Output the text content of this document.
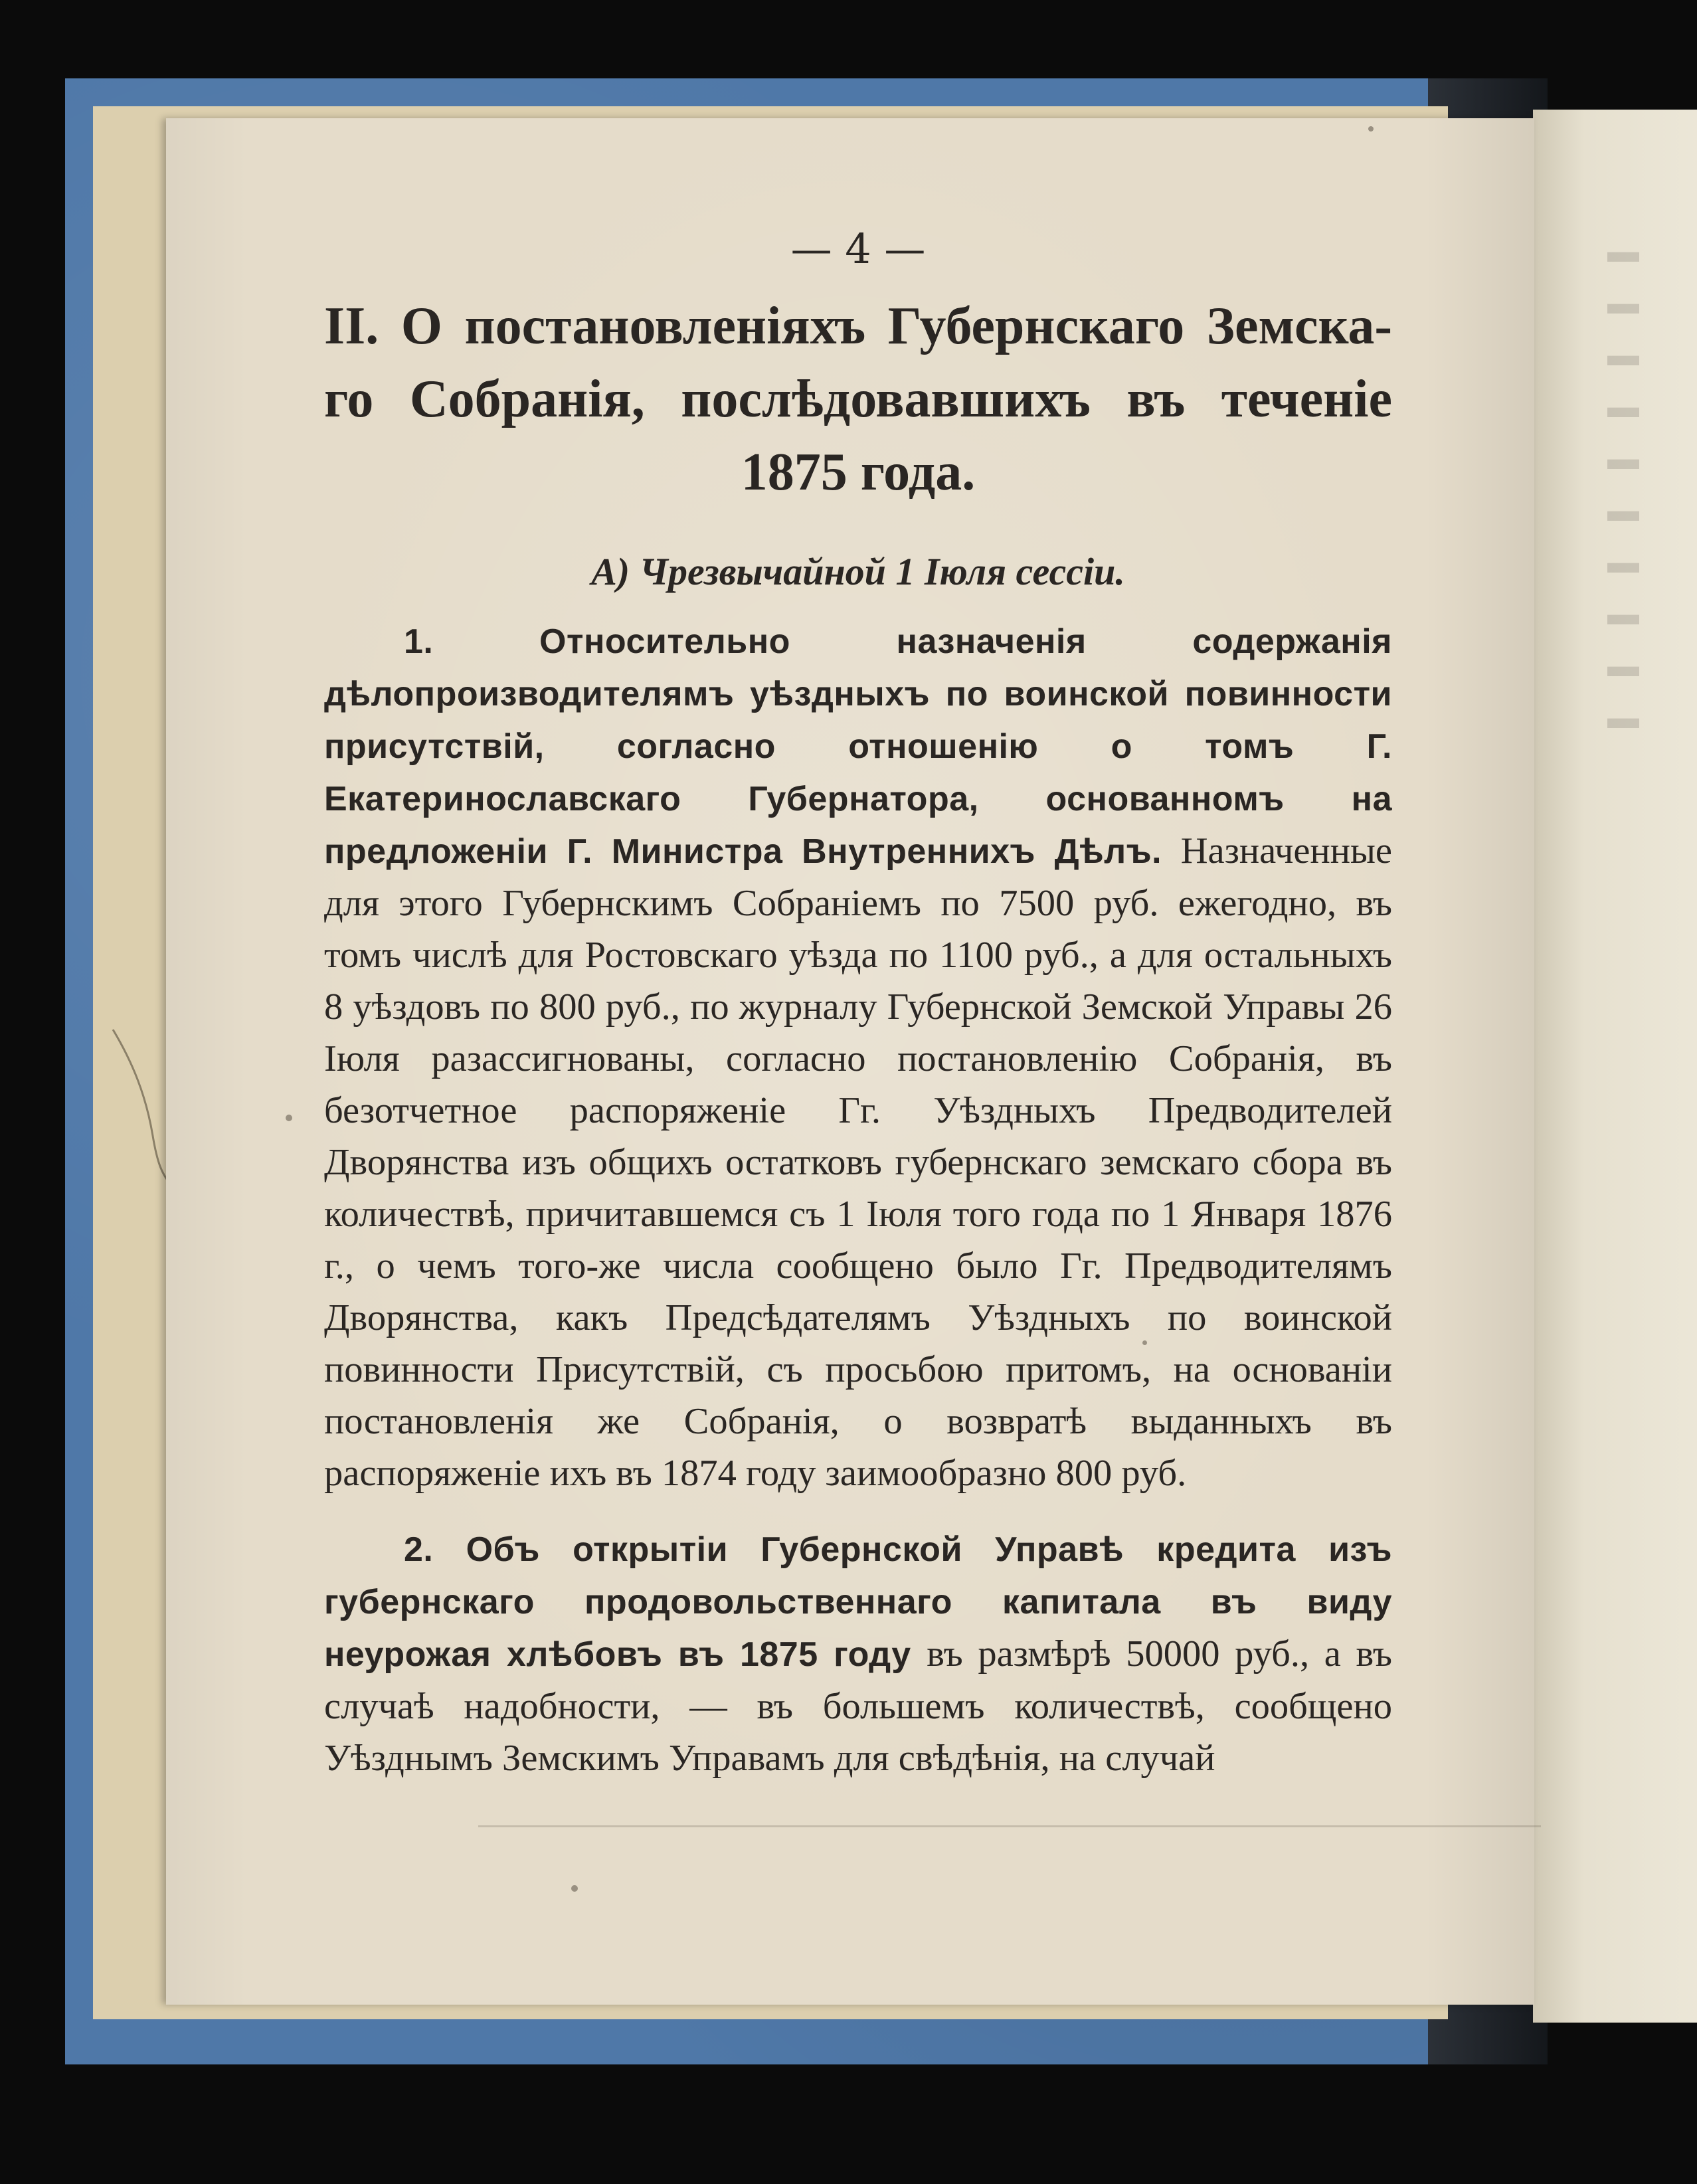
▬
▬
▬
▬
▬
▬
▬
▬
▬
▬
— 4 —
II. О постановленіяхъ Губернскаго Земска-го Собранія, послѣдовавшихъ въ теченіе 1875 года.
А) Чрезвычайной 1 Іюля сессіи.

1. Относительно назначенія содержанія дѣлопроизводителямъ уѣздныхъ по воинской повинности присутствій, согласно отношенію о томъ Г. Екатеринославскаго Губернатора, основанномъ на предложеніи Г. Министра Внутреннихъ Дѣлъ. Назначенные для этого Губернскимъ Собраніемъ по 7500 руб. ежегодно, въ томъ числѣ для Ростовскаго уѣзда по 1100 руб., а для остальныхъ 8 уѣздовъ по 800 руб., по журналу Губернской Земской Управы 26 Іюля разассигнованы, согласно постановленію Собранія, въ безотчетное распоряженіе Гг. Уѣздныхъ Предводителей Дворянства изъ общихъ остатковъ губернскаго земскаго сбора въ количествѣ, причитавшемся съ 1 Іюля того года по 1 Января 1876 г., о чемъ того-же числа сообщено было Гг. Предводителямъ Дворянства, какъ Предсѣдателямъ Уѣздныхъ по воинской повинности Присутствій, съ просьбою притомъ, на основаніи постановленія же Собранія, о возвратѣ выданныхъ въ распоряженіе ихъ въ 1874 году заимообразно 800 руб.

2. Объ открытіи Губернской Управѣ кредита изъ губернскаго продовольственнаго капитала въ виду неурожая хлѣбовъ въ 1875 году въ размѣрѣ 50000 руб., а въ случаѣ надобности, — въ большемъ количествѣ, сообщено Уѣзднымъ Земскимъ Управамъ для свѣдѣнія, на случай
